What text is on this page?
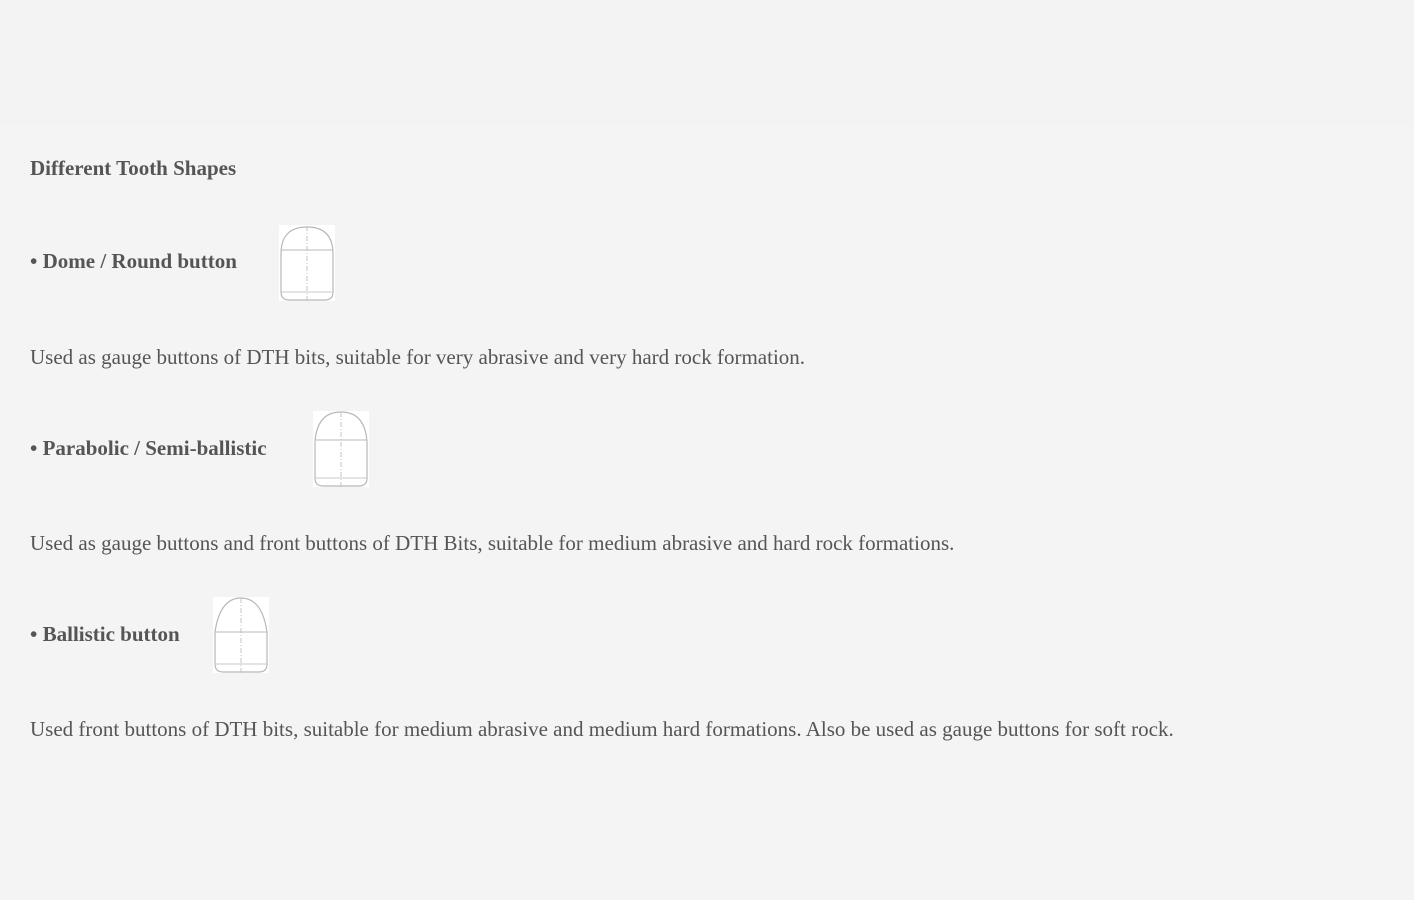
Different Tooth Shapes
• Dome / Round button
Used as gauge buttons of DTH bits, suitable for very abrasive and very hard rock formation.
• Parabolic / Semi-ballistic
Used as gauge buttons and front buttons of DTH Bits, suitable for medium abrasive and hard rock formations.
• Ballistic button
Used front buttons of DTH bits, suitable for medium abrasive and medium hard formations. Also be used as gauge buttons for soft rock.
